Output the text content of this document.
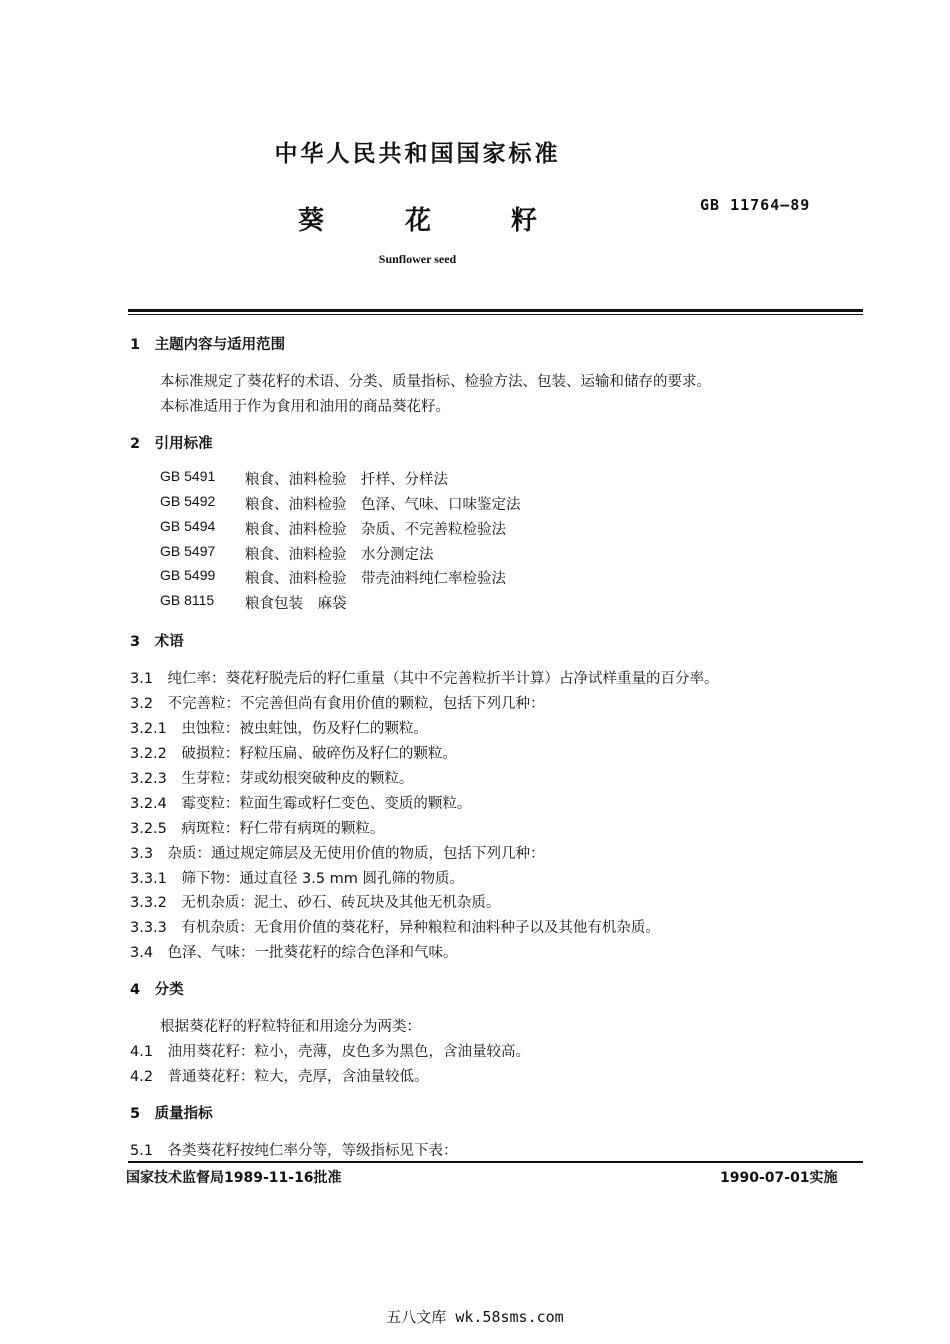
中华人民共和国国家标准
葵	花	籽
GB 11764—89
Sunflower seed
1　主题内容与适用范围
本标准规定了葵花籽的术语、分类、质量指标、检验方法、包装、运输和储存的要求。
本标准适用于作为食用和油用的商品葵花籽。
2　引用标准
GB 5491 粮食、油料检验　扦样、分样法
GB 5492 粮食、油料检验　色泽、气味、口味鉴定法
GB 5494 粮食、油料检验　杂质、不完善粒检验法
GB 5497 粮食、油料检验　水分测定法
GB 5499 粮食、油料检验　带壳油料纯仁率检验法
GB 8115 粮食包装　麻袋
3　术语
3.1　纯仁率：葵花籽脱壳后的籽仁重量（其中不完善粒折半计算）占净试样重量的百分率。
3.2　不完善粒：不完善但尚有食用价值的颗粒，包括下列几种：
3.2.1　虫蚀粒：被虫蛀蚀，伤及籽仁的颗粒。
3.2.2　破损粒：籽粒压扁、破碎伤及籽仁的颗粒。
3.2.3　生芽粒：芽或幼根突破种皮的颗粒。
3.2.4　霉变粒：粒面生霉或籽仁变色、变质的颗粒。
3.2.5　病斑粒：籽仁带有病斑的颗粒。
3.3　杂质：通过规定筛层及无使用价值的物质，包括下列几种：
3.3.1　筛下物：通过直径 3.5 mm 圆孔筛的物质。
3.3.2　无机杂质：泥土、砂石、砖瓦块及其他无机杂质。
3.3.3　有机杂质：无食用价值的葵花籽，异种粮粒和油料种子以及其他有机杂质。
3.4　色泽、气味：一批葵花籽的综合色泽和气味。
4　分类
根据葵花籽的籽粒特征和用途分为两类：
4.1　油用葵花籽：粒小，壳薄，皮色多为黑色，含油量较高。
4.2　普通葵花籽：粒大，壳厚，含油量较低。
5　质量指标
5.1　各类葵花籽按纯仁率分等，等级指标见下表：
国家技术监督局1989-11-16批准	1990-07-01实施
五八文库 wk.58sms.com
